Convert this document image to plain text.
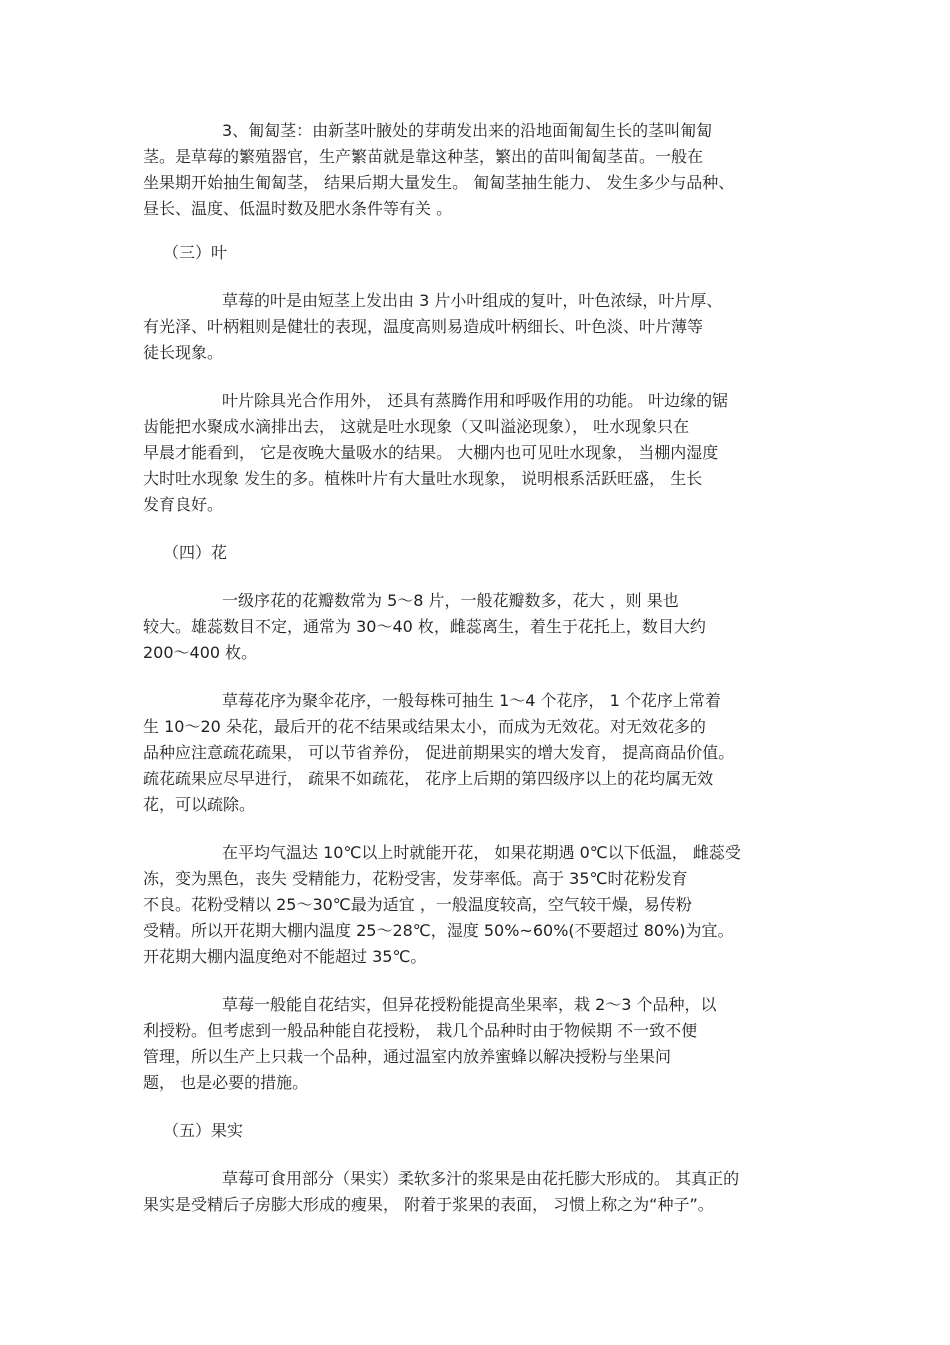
3、匍匐茎：由新茎叶腋处的芽萌发出来的沿地面匍匐生长的茎叫匍匐
茎。是草莓的繁殖器官，生产繁苗就是靠这种茎，繁出的苗叫匍匐茎苗。一般在
坐果期开始抽生匍匐茎， 结果后期大量发生。 匍匐茎抽生能力、 发生多少与品种、
昼长、温度、低温时数及肥水条件等有关 。
（三）叶
草莓的叶是由短茎上发出由 3 片小叶组成的复叶，叶色浓绿，叶片厚、
有光泽、叶柄粗则是健壮的表现，温度高则易造成叶柄细长、叶色淡、叶片薄等
徒长现象。
叶片除具光合作用外， 还具有蒸腾作用和呼吸作用的功能。 叶边缘的锯
齿能把水聚成水滴排出去， 这就是吐水现象（又叫溢泌现象）， 吐水现象只在
早晨才能看到， 它是夜晚大量吸水的结果。 大棚内也可见吐水现象， 当棚内湿度
大时吐水现象 发生的多。植株叶片有大量吐水现象， 说明根系活跃旺盛， 生长
发育良好。
（四）花
一级序花的花瓣数常为 5～8 片，一般花瓣数多，花大 ，则 果也
较大。雄蕊数目不定，通常为 30～40 枚，雌蕊离生，着生于花托上，数目大约
200～400 枚。
草莓花序为聚伞花序，一般每株可抽生 1～4 个花序， 1 个花序上常着
生 10～20 朵花，最后开的花不结果或结果太小，而成为无效花。对无效花多的
品种应注意疏花疏果， 可以节省养份， 促进前期果实的增大发育， 提高商品价值。
疏花疏果应尽早进行， 疏果不如疏花， 花序上后期的第四级序以上的花均属无效
花，可以疏除。
在平均气温达 10℃以上时就能开花， 如果花期遇 0℃以下低温， 雌蕊受
冻，变为黑色，丧失 受精能力，花粉受害，发芽率低。高于 35℃时花粉发育
不良。花粉受精以 25～30℃最为适宜 ，一般温度较高，空气较干燥，易传粉
受精。所以开花期大棚内温度 25～28℃，湿度 50%~60%(不要超过 80%)为宜。
开花期大棚内温度绝对不能超过 35℃。
草莓一般能自花结实，但异花授粉能提高坐果率，栽 2～3 个品种，以
利授粉。但考虑到一般品种能自花授粉， 栽几个品种时由于物候期 不一致不便
管理，所以生产上只栽一个品种，通过温室内放养蜜蜂以解决授粉与坐果问
题， 也是必要的措施。
（五）果实
草莓可食用部分（果实）柔软多汁的浆果是由花托膨大形成的。 其真正的
果实是受精后子房膨大形成的瘦果， 附着于浆果的表面， 习惯上称之为“种子”。
